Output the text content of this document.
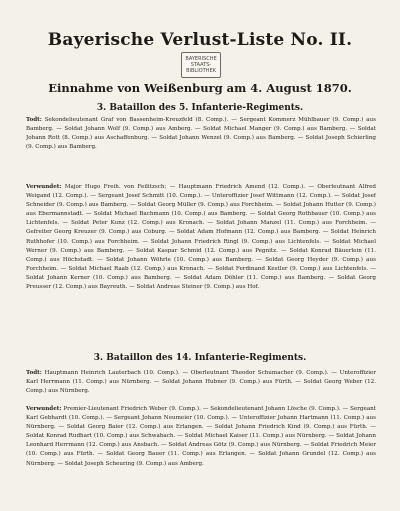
BAYERISCHE
STAATS-
BIBLIOTHEK
Bayerische Verlust-Liste No. II.
Einnahme von Weißenburg am 4. August 1870.
3. Bataillon des 5. Infanterie-Regiments.
Todt: Sekondelieutenant Graf von Bassenheim-Kreuzfeld (8. Comp.). — Sergeant Kommerz Mühlbauer (9. Comp.) aus Bamberg. — Soldat Johann Wolf (9. Comp.) aus Amberg. — Soldat Michael Manger (9. Comp.) aus Bamberg. — Soldat Johann Rott (8. Comp.) aus Aschaffenburg. — Soldat Johann Wenzel (9. Comp.) aus Bamberg. — Soldat Joseph Schierling (9. Comp.) aus Bamberg.
Verwundet: Major Hugo Freih. von Feilitzsch; — Hauptmann Friedrich Amend (12. Comp.). — Oberleutnant Alfred Weigand (12. Comp.). — Sergeant Josef Schmitt (10. Comp.). — Unteroffizier Josef Wittmann (12. Comp.). — Soldat Josef Schneider (9. Comp.) aus Bamberg. — Soldat Georg Müller (9. Comp.) aus Forchheim. — Soldat Johann Hutter (9. Comp.) aus Ebermannstadt. — Soldat Michael Bachmann (10. Comp.) aus Bamberg. — Soldat Georg Rothbauer (10. Comp.) aus Lichtenfels. — Soldat Peter Kunz (12. Comp.) aus Kronach. — Soldat Johann Manzel (11. Comp.) aus Forchheim. — Gefreiter Georg Kreuzer (9. Comp.) aus Coburg. — Soldat Adam Hofmann (12. Comp.) aus Bamberg. — Soldat Heinrich Ruthhofer (10. Comp.) aus Forchheim. — Soldat Johann Friedrich Ringl (9. Comp.) aus Lichtenfels. — Soldat Michael Werner (9. Comp.) aus Bamberg. — Soldat Kaspar Schmid (12. Comp.) aus Pegnitz. — Soldat Konrad Bäuerlein (11. Comp.) aus Höchstadt. — Soldat Johann Wöhrle (10. Comp.) aus Bamberg. — Soldat Georg Heyder (9. Comp.) aus Forchheim. — Soldat Michael Raab (12. Comp.) aus Kronach. — Soldat Ferdinand Kestler (9. Comp.) aus Lichtenfels. — Soldat Johann Kerner (10. Comp.) aus Bamberg. — Soldat Adam Döhler (11. Comp.) aus Bamberg. — Soldat Georg Preusser (12. Comp.) aus Bayreuth. — Soldat Andreas Steiner (9. Comp.) aus Hof.
3. Bataillon des 14. Infanterie-Regiments.
Todt: Hauptmann Heinrich Lauterbach (10. Comp.). — Oberleutnant Theodor Schumacher (9. Comp.). — Unteroffizier Karl Herrmann (11. Comp.) aus Nürnberg. — Soldat Johann Hubner (9. Comp.) aus Fürth. — Soldat Georg Weber (12. Comp.) aus Nürnberg.
Verwundet: Premier-Lieutenant Friedrich Weber (9. Comp.). — Sekondelieutenant Johann Lösche (9. Comp.). — Sergeant Karl Gebhardt (10. Comp.). — Sergeant Johann Neumeier (10. Comp.). — Unteroffizier Johann Hartmann (11. Comp.) aus Nürnberg. — Soldat Georg Baier (12. Comp.) aus Erlangen. — Soldat Johann Friedrich Kind (9. Comp.) aus Fürth. — Soldat Konrad Rudhart (10. Comp.) aus Schwabach. — Soldat Michael Kaiser (11. Comp.) aus Nürnberg. — Soldat Johann Leonhard Herrmann (12. Comp.) aus Ansbach. — Soldat Andreas Götz (9. Comp.) aus Nürnberg. — Soldat Friedrich Meier (10. Comp.) aus Fürth. — Soldat Georg Bauer (11. Comp.) aus Erlangen. — Soldat Johann Grundel (12. Comp.) aus Nürnberg. — Soldat Joseph Scheuring (9. Comp.) aus Amberg.
